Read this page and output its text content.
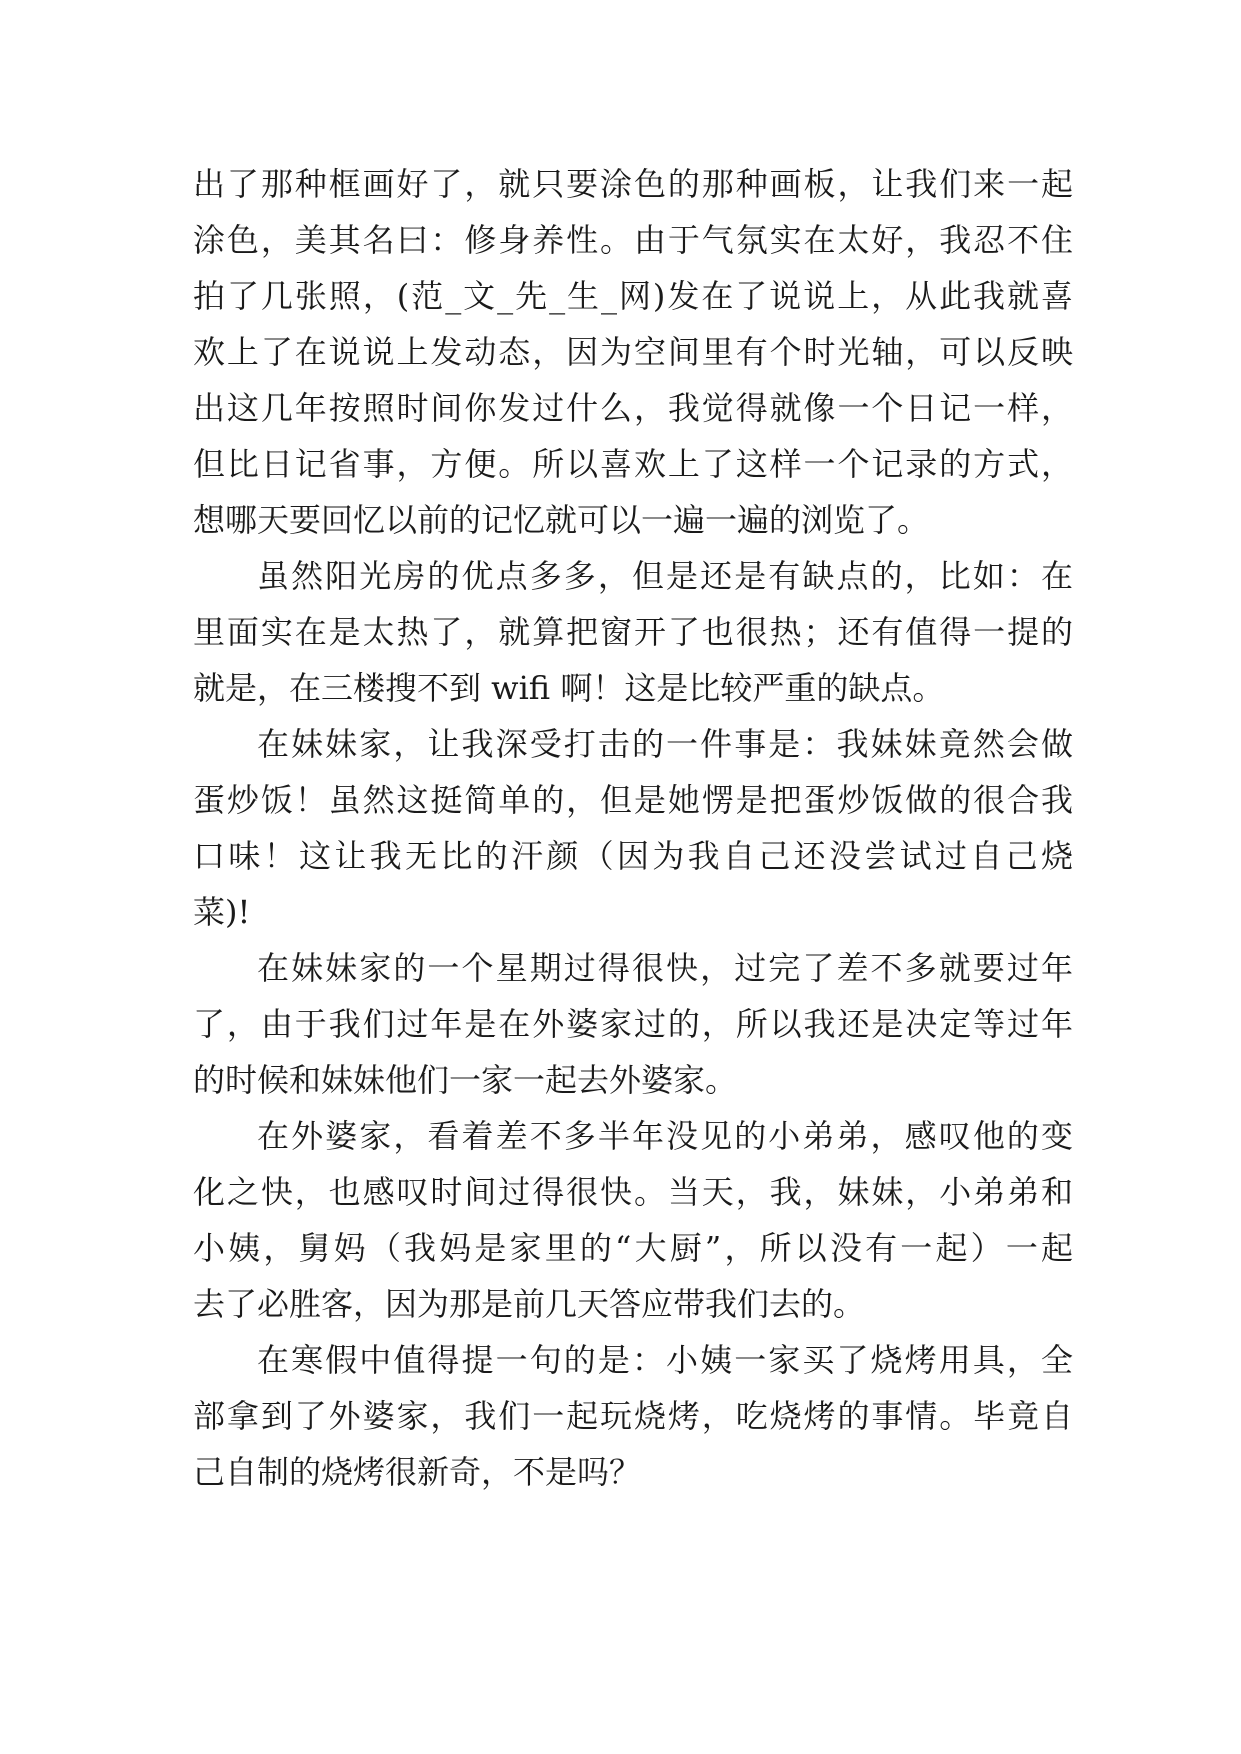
出了那种框画好了，就只要涂色的那种画板，让我们来一起
涂色，美其名曰：修身养性。由于气氛实在太好，我忍不住
拍了几张照，(范_文_先_生_网)发在了说说上，从此我就喜
欢上了在说说上发动态，因为空间里有个时光轴，可以反映
出这几年按照时间你发过什么，我觉得就像一个日记一样，
但比日记省事，方便。所以喜欢上了这样一个记录的方式，
想哪天要回忆以前的记忆就可以一遍一遍的浏览了。
虽然阳光房的优点多多，但是还是有缺点的，比如：在
里面实在是太热了，就算把窗开了也很热；还有值得一提的
就是，在三楼搜不到 wifi 啊！这是比较严重的缺点。
在妹妹家，让我深受打击的一件事是：我妹妹竟然会做
蛋炒饭！虽然这挺简单的，但是她愣是把蛋炒饭做的很合我
口味！这让我无比的汗颜（因为我自己还没尝试过自己烧
菜)!
在妹妹家的一个星期过得很快，过完了差不多就要过年
了，由于我们过年是在外婆家过的，所以我还是决定等过年
的时候和妹妹他们一家一起去外婆家。
在外婆家，看着差不多半年没见的小弟弟，感叹他的变
化之快，也感叹时间过得很快。当天，我，妹妹，小弟弟和
小姨，舅妈（我妈是家里的“大厨”，所以没有一起）一起
去了必胜客，因为那是前几天答应带我们去的。
在寒假中值得提一句的是：小姨一家买了烧烤用具，全
部拿到了外婆家，我们一起玩烧烤，吃烧烤的事情。毕竟自
己自制的烧烤很新奇，不是吗？
